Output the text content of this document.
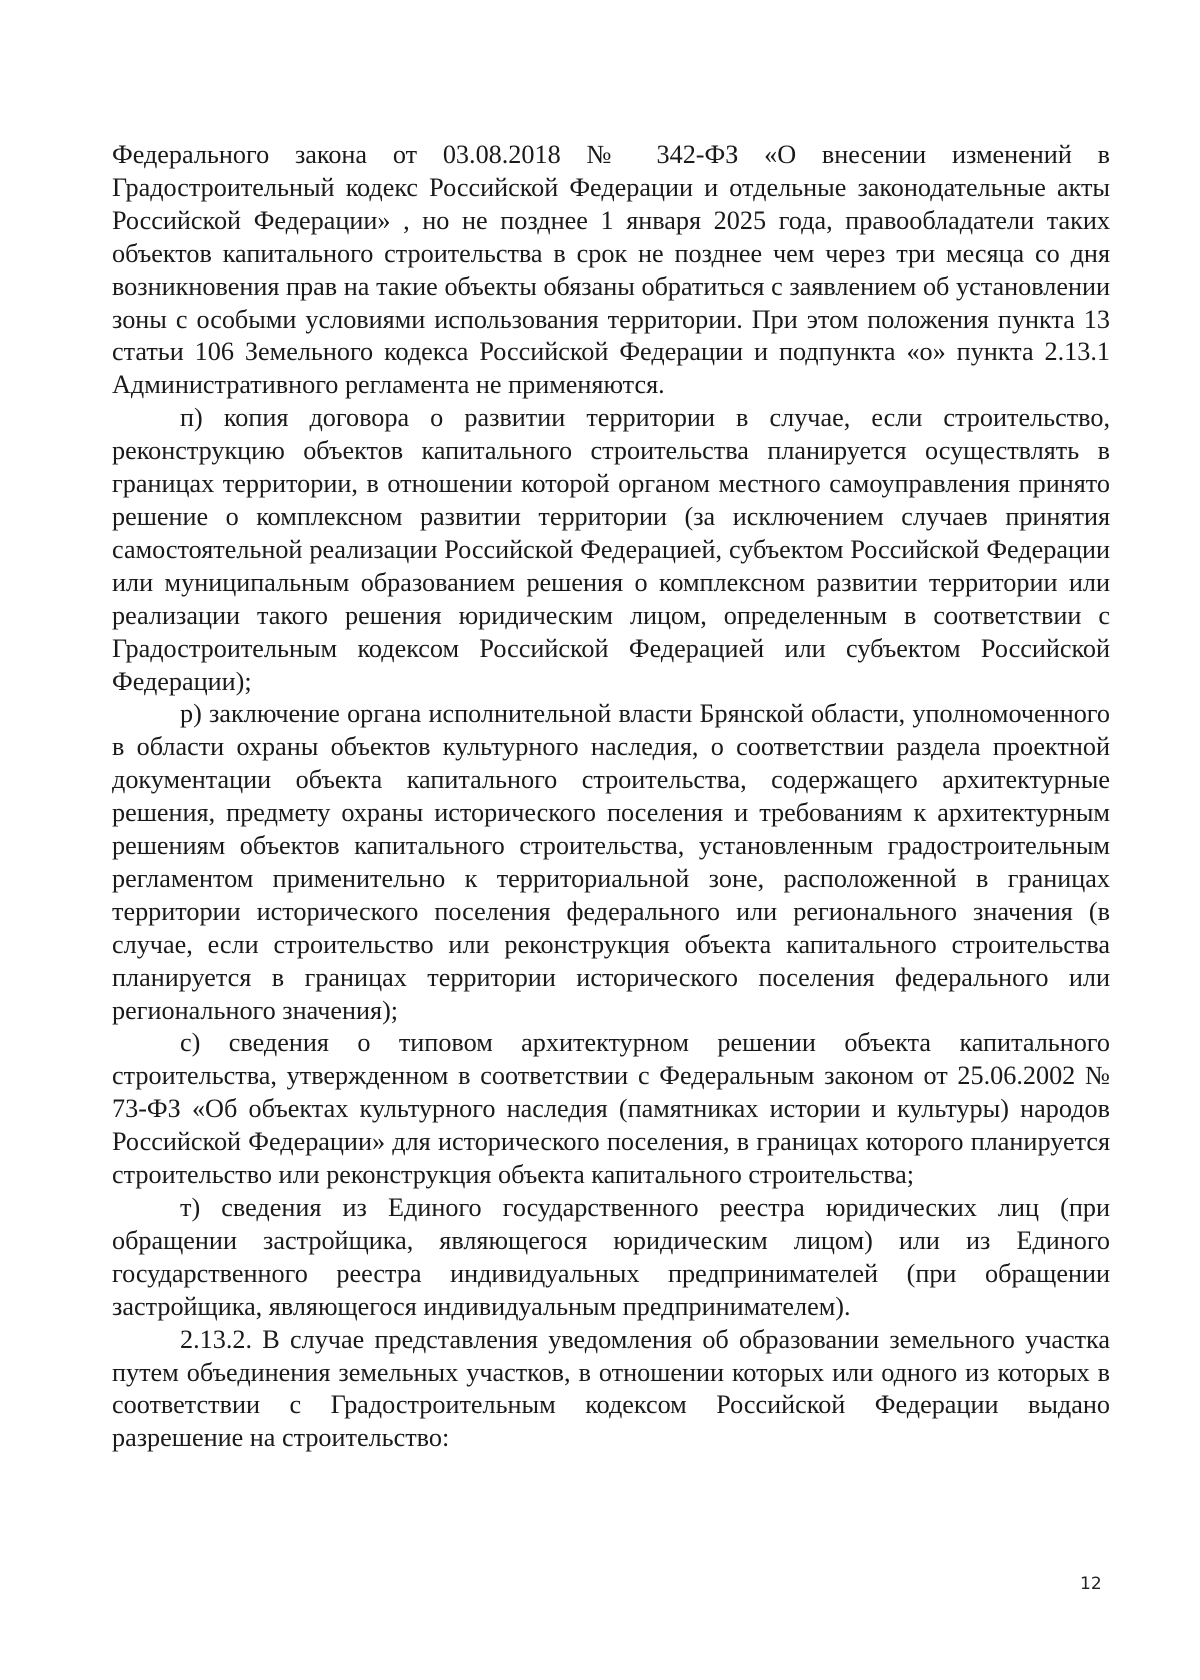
Федерального закона от 03.08.2018 № 342-ФЗ «О внесении изменений в Градостроительный кодекс Российской Федерации и отдельные законодательные акты Российской Федерации» , но не позднее 1 января 2025 года, правообладатели таких объектов капитального строительства в срок не позднее чем через три месяца со дня возникновения прав на такие объекты обязаны обратиться с заявлением об установлении зоны с особыми условиями использования территории. При этом положения пункта 13 статьи 106 Земельного кодекса Российской Федерации и подпункта «о» пункта 2.13.1 Административного регламента не применяются.

п) копия договора о развитии территории в случае, если строительство, реконструкцию объектов капитального строительства планируется осуществлять в границах территории, в отношении которой органом местного самоуправления принято решение о комплексном развитии территории (за исключением случаев принятия самостоятельной реализации Российской Федерацией, субъектом Российской Федерации или муниципальным образованием решения о комплексном развитии территории или реализации такого решения юридическим лицом, определенным в соответствии с Градостроительным кодексом Российской Федерацией или субъектом Российской Федерации);

р) заключение органа исполнительной власти Брянской области, уполномоченного в области охраны объектов культурного наследия, о соответствии раздела проектной документации объекта капитального строительства, содержащего архитектурные решения, предмету охраны исторического поселения и требованиям к архитектурным решениям объектов капитального строительства, установленным градостроительным регламентом применительно к территориальной зоне, расположенной в границах территории исторического поселения федерального или регионального значения (в случае, если строительство или реконструкция объекта капитального строительства планируется в границах территории исторического поселения федерального или регионального значения);

с) сведения о типовом архитектурном решении объекта капитального строительства, утвержденном в соответствии с Федеральным законом от 25.06.2002 № 73-ФЗ «Об объектах культурного наследия (памятниках истории и культуры) народов Российской Федерации» для исторического поселения, в границах которого планируется строительство или реконструкция объекта капитального строительства;

т) сведения из Единого государственного реестра юридических лиц (при обращении застройщика, являющегося юридическим лицом) или из Единого государственного реестра индивидуальных предпринимателей (при обращении застройщика, являющегося индивидуальным предпринимателем).

2.13.2. В случае представления уведомления об образовании земельного участка путем объединения земельных участков, в отношении которых или одного из которых в соответствии с Градостроительным кодексом Российской Федерации выдано разрешение на строительство:

12
